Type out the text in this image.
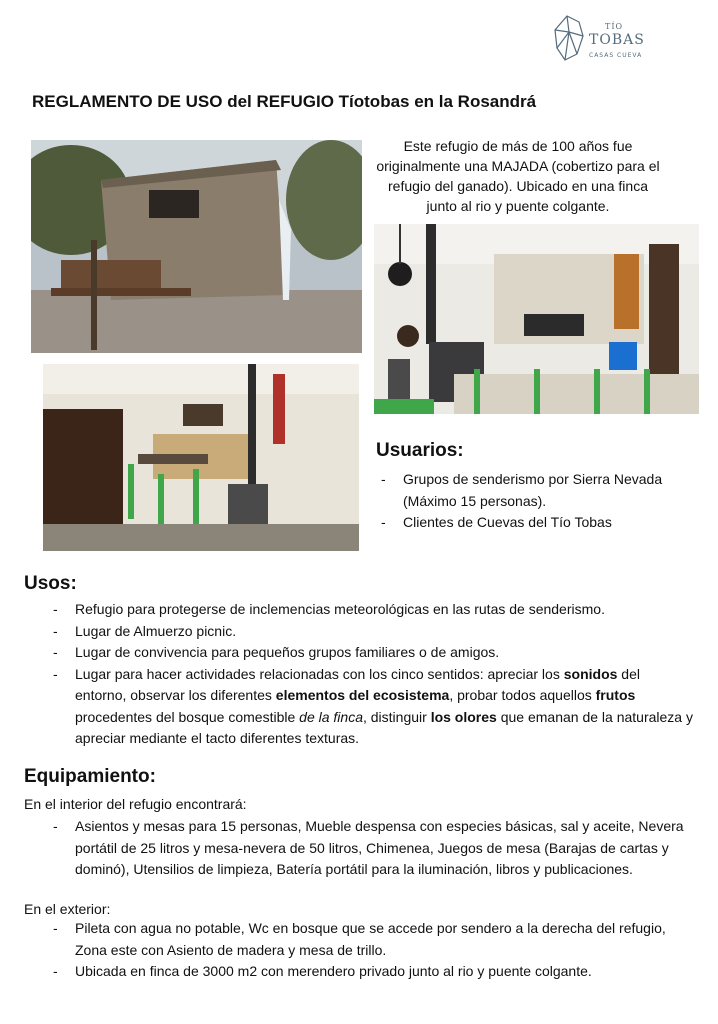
TÍO
TOBAS
CASAS CUEVA
REGLAMENTO DE USO del REFUGIO Tíotobas en la Rosandrá
Este refugio de más de 100 años fue originalmente una MAJADA (cobertizo para el refugio del ganado). Ubicado en una finca junto al rio y puente colgante.
Usuarios:
- Grupos de senderismo por Sierra Nevada
(Máximo 15 personas).
- Clientes de Cuevas del Tío Tobas
Usos:
- Refugio para protegerse de inclemencias meteorológicas en las rutas de senderismo.
- Lugar de Almuerzo picnic.
- Lugar de convivencia para pequeños grupos familiares o de amigos.
- Lugar para hacer actividades relacionadas con los cinco sentidos: apreciar los sonidos del entorno, observar los diferentes elementos del ecosistema, probar todos aquellos frutos procedentes del bosque comestible de la finca, distinguir los olores que emanan de la naturaleza y apreciar mediante el tacto diferentes texturas.
Equipamiento:
En el interior del refugio encontrará:
- Asientos y mesas para 15 personas, Mueble despensa con especies básicas, sal y aceite, Nevera portátil de 25 litros y mesa-nevera de 50 litros, Chimenea, Juegos de mesa (Barajas de cartas y dominó), Utensilios de limpieza, Batería portátil para la iluminación, libros y publicaciones.
En el exterior:
- Pileta con agua no potable, Wc en bosque que se accede por sendero a la derecha del refugio, Zona este con Asiento de madera y mesa de trillo.
- Ubicada en finca de 3000 m2 con merendero privado junto al rio y puente colgante.
